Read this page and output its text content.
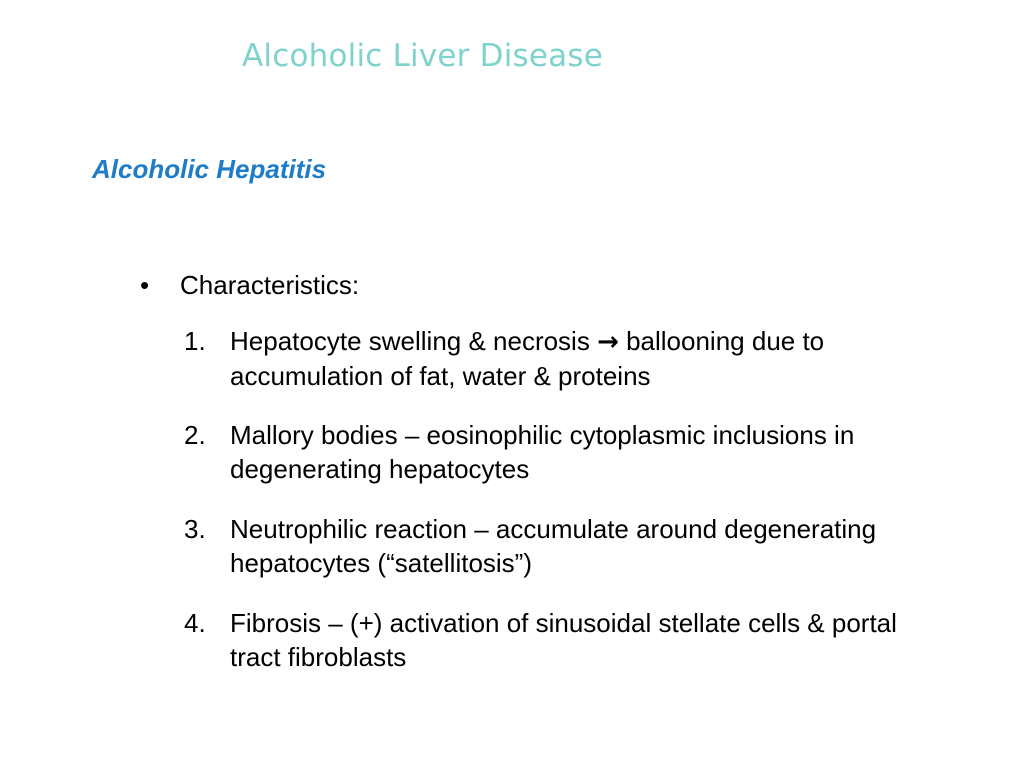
Alcoholic Liver Disease
Alcoholic Hepatitis
• Characteristics:
1. Hepatocyte swelling & necrosis → ballooning due to accumulation of fat, water & proteins
2. Mallory bodies – eosinophilic cytoplasmic inclusions in degenerating hepatocytes
3. Neutrophilic reaction – accumulate around degenerating hepatocytes (“satellitosis”)
4. Fibrosis – (+) activation of sinusoidal stellate cells & portal tract fibroblasts
